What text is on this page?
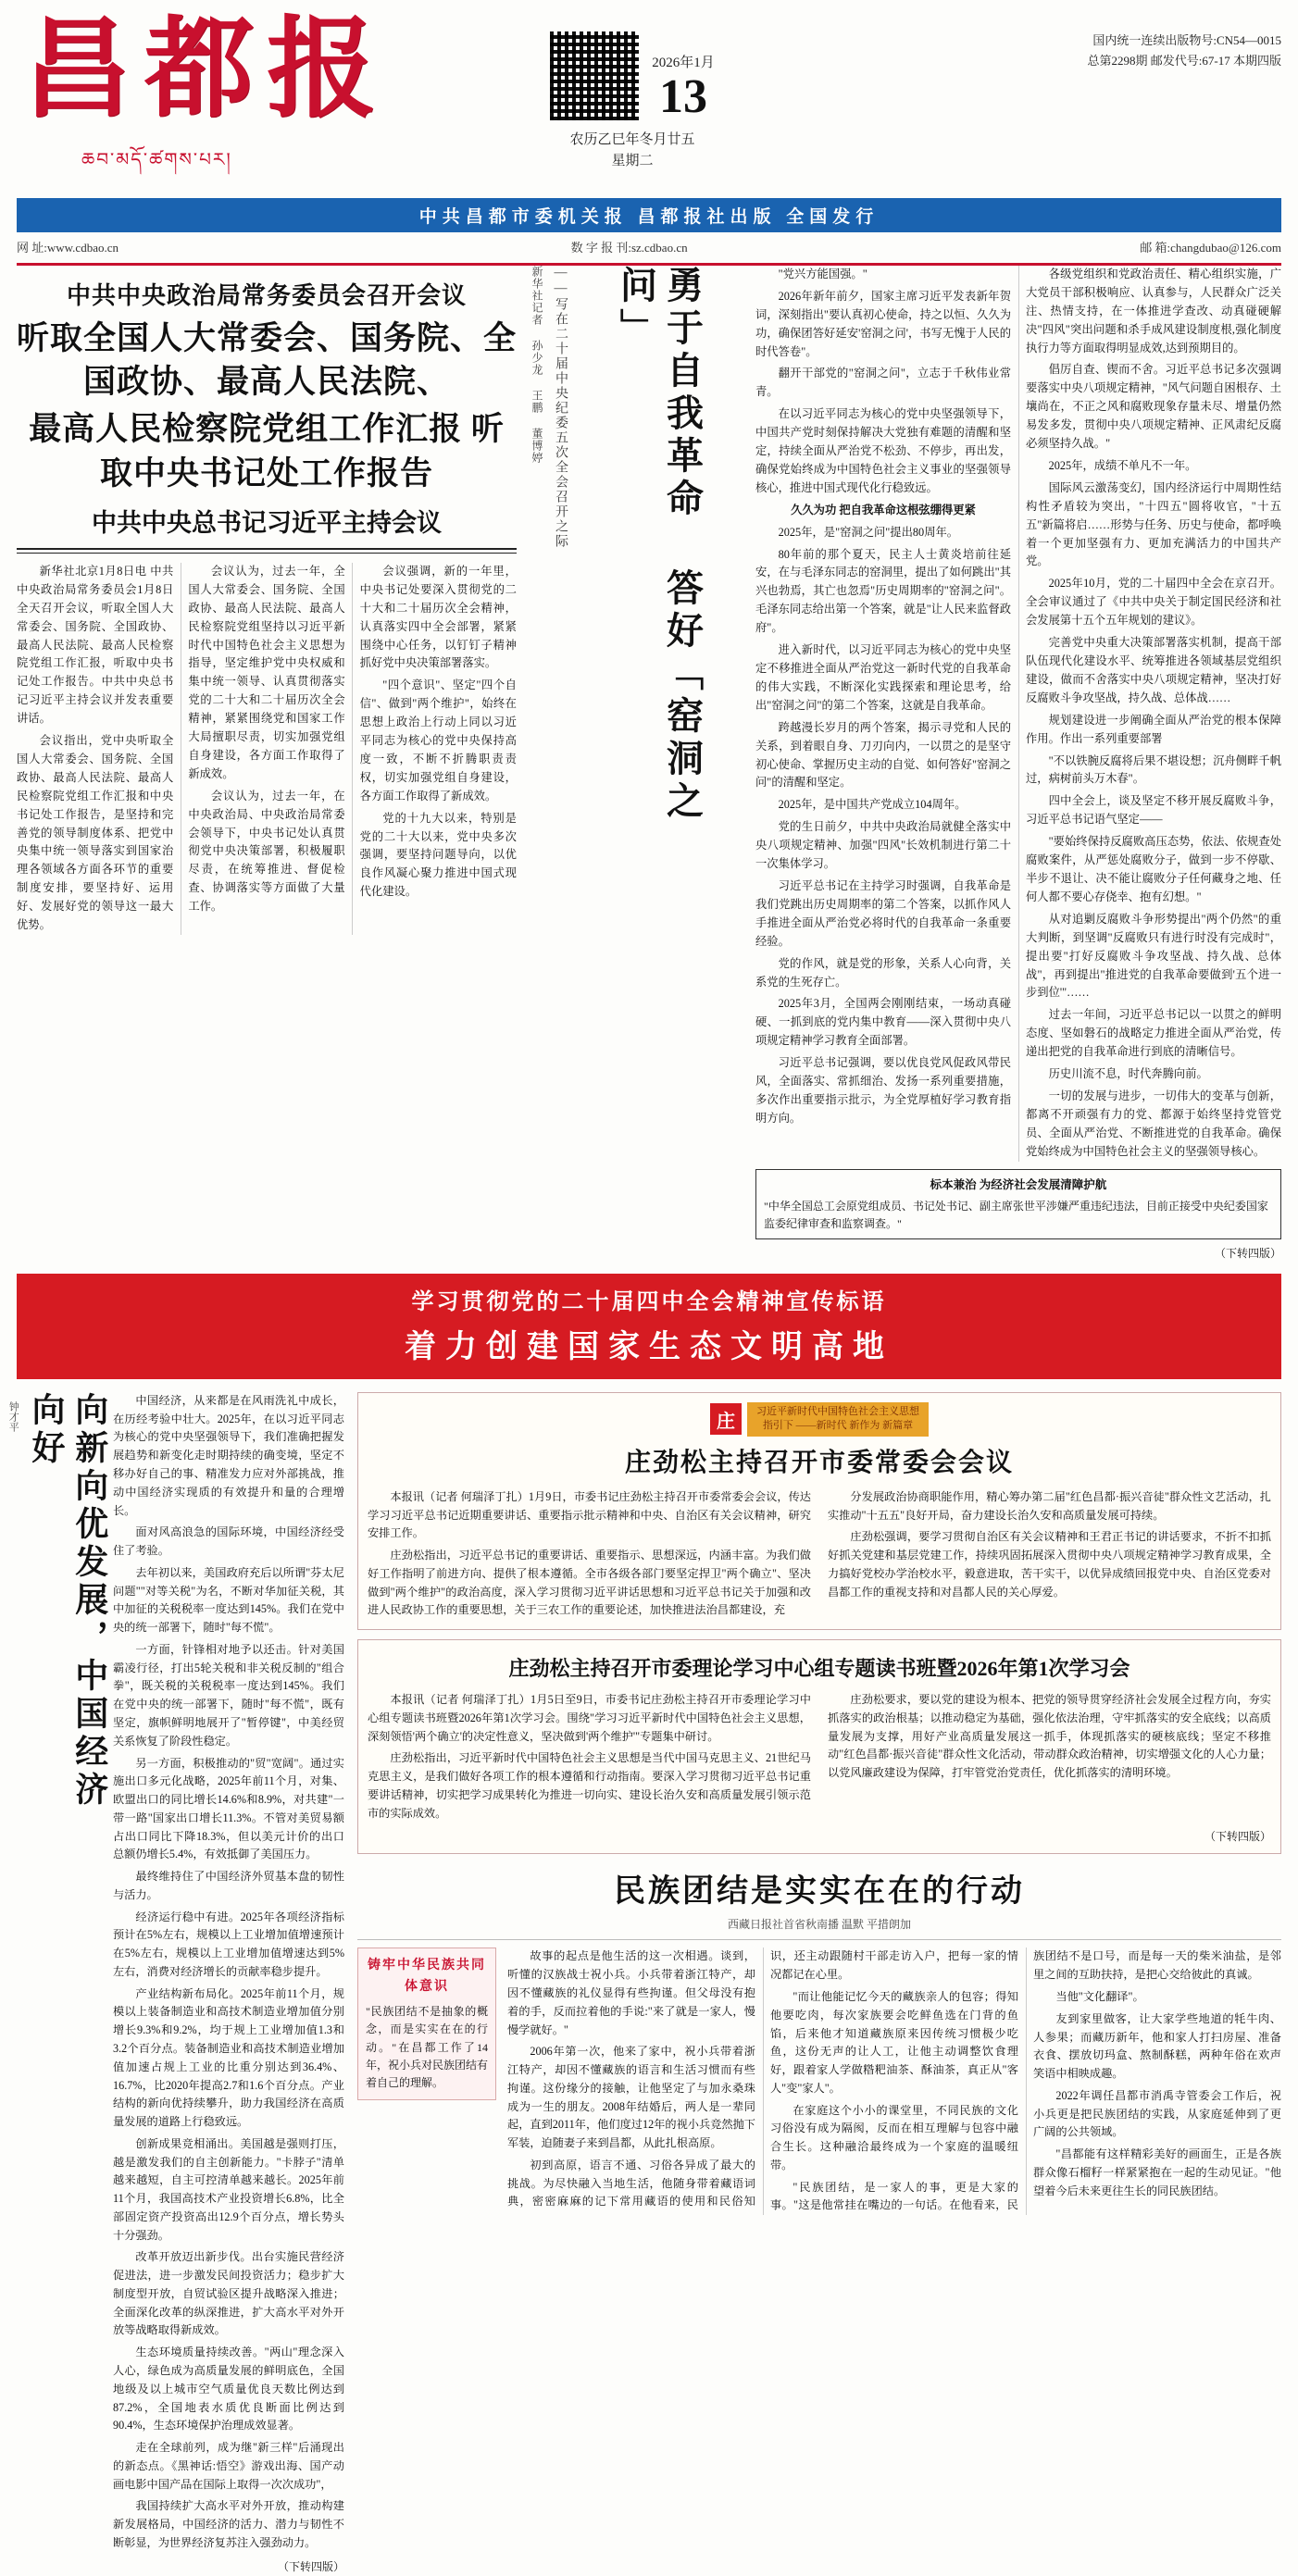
昌都报
ཆབ་མདོ་ཚགས་པར།
2026年1月
13
农历乙巳年冬月廿五
星期二
国内统一连续出版物号:CN54—0015
总第2298期 邮发代号:67-17 本期四版
中共昌都市委机关报 昌都报社出版 全国发行
网 址:www.cdbao.cn	数 字 报 刊:sz.cdbao.cn	邮 箱:changdubao@126.com
中共中央政治局常务委员会召开会议
听取全国人大常委会、国务院、全国政协、最高人民法院、
最高人民检察院党组工作汇报 听取中央书记处工作报告
中共中央总书记习近平主持会议

新华社北京1月8日电 中共中央政治局常务委员会1月8日全天召开会议，听取全国人大常委会、国务院、全国政协、最高人民法院、最高人民检察院党组工作汇报，听取中央书记处工作报告。中共中央总书记习近平主持会议并发表重要讲话。

会议指出，党中央听取全国人大常委会、国务院、全国政协、最高人民法院、最高人民检察院党组工作汇报和中央书记处工作报告，是坚持和完善党的领导制度体系、把党中央集中统一领导落实到国家治理各领域各方面各环节的重要制度安排，要坚持好、运用好、发展好党的领导这一最大优势。

会议认为，过去一年，全国人大常委会、国务院、全国政协、最高人民法院、最高人民检察院党组坚持以习近平新时代中国特色社会主义思想为指导，坚定维护党中央权威和集中统一领导、认真贯彻落实党的二十大和二十届历次全会精神，紧紧围绕党和国家工作大局擅职尽责，切实加强党组自身建设，各方面工作取得了新成效。

会议认为，过去一年，在中央政治局、中央政治局常委会领导下，中央书记处认真贯彻党中央决策部署，积极履职尽责，在统筹推进、督促检查、协调落实等方面做了大量工作。

会议强调，新的一年里，中央书记处要深入贯彻党的二十大和二十届历次全会精神，认真落实四中全会部署，紧紧围绕中心任务，以钉钉子精神抓好党中央决策部署落实。

"四个意识"、坚定"四个自信"、做到"两个维护"，始终在思想上政治上行动上同以习近平同志为核心的党中央保持高度一致，不断不折腾职责责权，切实加强党组自身建设，各方面工作取得了新成效。

党的十九大以来，特别是党的二十大以来，党中央多次强调，要坚持问题导向，以优良作风凝心聚力推进中国式现代化建设。

新华社记者 孙少龙 王鹏 董博婷 ——写在二十届中央纪委五次全会召开之际	勇于自我革命 答好「窑洞之问」	"党兴方能国强。"

2026年新年前夕，国家主席习近平发表新年贺词，深刻指出"要认真初心使命，持之以恒、久久为功，确保团答好延安'窑洞之问'，书写无愧于人民的时代答卷"。

翻开干部党的"窑洞之问"，立志于千秋伟业常青。

在以习近平同志为核心的党中央坚强领导下，中国共产党时刻保持解决大党独有难题的清醒和坚定，持续全面从严治党不松劲、不停步，再出发，确保党始终成为中国特色社会主义事业的坚强领导核心，推进中国式现代化行稳致远。

久久为功 把自我革命这根弦绷得更紧

2025年，是"窑洞之问"提出80周年。

80年前的那个夏天，民主人士黄炎培前往延安，在与毛泽东同志的窑洞里，提出了如何跳出"其兴也勃焉，其亡也忽焉"历史周期率的"窑洞之问"。毛泽东同志给出第一个答案，就是"让人民来监督政府"。

进入新时代，以习近平同志为核心的党中央坚定不移推进全面从严治党这一新时代党的自我革命的伟大实践，不断深化实践探索和理论思考，给出"窑洞之问"的第二个答案，这就是自我革命。

跨越漫长岁月的两个答案，揭示寻党和人民的关系，到着眼自身、刀刃向内，一以贯之的是坚守初心使命、掌握历史主动的自觉、如何答好"窑洞之问"的清醒和坚定。

2025年，是中国共产党成立104周年。

党的生日前夕，中共中央政治局就健全落实中央八项规定精神、加强"四风"长效机制进行第二十一次集体学习。

习近平总书记在主持学习时强调，自我革命是我们党跳出历史周期率的第二个答案，以抓作风人手推进全面从严治党必将时代的自我革命一条重要经验。

党的作风，就是党的形象，关系人心向背，关系党的生死存亡。

2025年3月，全国两会刚刚结束，一场动真碰硬、一抓到底的党内集中教育——深入贯彻中央八项规定精神学习教育全面部署。

习近平总书记强调，要以优良党风促政风带民风，全面落实、常抓细治、发扬一系列重要措施，多次作出重要指示批示，为全党厚植好学习教育指明方向。

各级党组织和党政治责任、精心组织实施，广大党员干部积极响应、认真参与，人民群众广泛关注、热情支持，在一体推进学查改、动真碰硬解决"四风"突出问题和杀手成风建设制度根,强化制度执行力等方面取得明显成效,达到预期目的。

倡厉自查、锲而不舍。习近平总书记多次强调要落实中央八项规定精神，"风气问题自困根存、土壤尚在，不正之风和腐败现象存量未尽、增量仍然易发多发，贯彻中央八项规定精神、正风肃纪反腐必须坚持久战。"

2025年，成绩不单凡不一年。

国际风云激荡变幻，国内经济运行中周期性结构性矛盾较为突出，"十四五"圆将收官，"十五五"新篇将启……形势与任务、历史与使命，都呼唤着一个更加坚强有力、更加充满活力的中国共产党。

2025年10月，党的二十届四中全会在京召开。全会审议通过了《中共中央关于制定国民经济和社会发展第十五个五年规划的建议》。

完善党中央重大决策部署落实机制，提高干部队伍现代化建设水平、统筹推进各领域基层党组织建设，做而不舍落实中央八项规定精神，坚决打好反腐败斗争攻坚战，持久战、总体战……

规划建设进一步阐确全面从严治党的根本保障作用。作出一系列重要部署

"不以铁腕反腐将后果不堪设想；沉舟侧畔千帆过，病树前头万木春"。

四中全会上，谈及坚定不移开展反腐败斗争，习近平总书记语气坚定——

"要始终保持反腐败高压态势，依法、依规查处腐败案件，从严惩处腐败分子，做到一步不停歇、半步不退让、决不能让腐败分子任何藏身之地、任何人都不要心存侥幸、抱有幻想。"

从对追剿反腐败斗争形势提出"两个仍然"的重大判断，到坚调"反腐败只有进行时没有完成时"，提出要"打好反腐败斗争攻坚战、持久战、总体战"，再到提出"推进党的自我革命要做到'五个进一步到位'"……

过去一年间，习近平总书记以一以贯之的鲜明态度、坚如磐石的战略定力推进全面从严治党，传递出把党的自我革命进行到底的清晰信号。

历史川流不息，时代奔腾向前。

一切的发展与进步，一切伟大的变革与创新，都离不开顽强有力的党、都源于始终坚持党管党员、全面从严治党、不断推进党的自我革命。确保党始终成为中国特色社会主义的坚强领导核心。

标本兼治 为经济社会发展清障护航
"中华全国总工会原党组成员、书记处书记、副主席张世平涉嫌严重违纪违法，目前正接受中央纪委国家监委纪律审查和监察调查。"
（下转四版）
学习贯彻党的二十届四中全会精神宣传标语
着力创建国家生态文明高地
钟才平	向新向优发展，中国经济向好	中国经济，从来都是在风雨洗礼中成长，在历经考验中壮大。2025年，在以习近平同志为核心的党中央坚强领导下，我们准确把握发展趋势和新变化走时期持续的确变境，坚定不移办好自己的事、精准发力应对外部挑战，推动中国经济实现质的有效提升和量的合理增长。

面对风高浪急的国际环境，中国经济经受住了考验。

去年初以来，美国政府充后以所谓"芬太尼问题""对等关税"为名，不断对华加征关税，其中加征的关税税率一度达到145%。我们在党中央的统一部署下，随时"每不慌"。

一方面，针锋相对地予以还击。针对美国霸凌行径，打出5轮关税和非关税反制的"组合拳"，既关税的关税税率一度达到145%。我们在党中央的统一部署下，随时"每不慌"，既有坚定，旗帜鲜明地展开了"暂停键"，中美经贸关系恢复了阶段性稳定。

另一方面，积极推动的"贸"宽阔"。通过实施出口多元化战略，2025年前11个月，对集、欧盟出口的同比增长14.6%和8.9%，对共建"一带一路"国家出口增长11.3%。不管对美贸易额占出口同比下降18.3%，但以美元计价的出口总额仍增长5.4%，有效抵御了美国压力。

最终维持住了中国经济外贸基本盘的韧性与活力。

经济运行稳中有进。2025年各项经济指标预计在5%左右，规模以上工业增加值增速预计在5%左右，规模以上工业增加值增速达到5%左右，消费对经济增长的贡献率稳步提升。

产业结构新布局化。2025年前11个月，规模以上装备制造业和高技术制造业增加值分别增长9.3%和9.2%，均于规上工业增加值1.3和3.2个百分点。装备制造业和高技术制造业增加值加速占规上工业的比重分别达到36.4%、16.7%，比2020年提高2.7和1.6个百分点。产业结构的新向优持续攀升，助力我国经济在高质量发展的道路上行稳致远。

创新成果竞相涌出。美国越是强则打压，越是激发我们的自主创新能力。"卡脖子"清单越来越短，自主可控清单越来越长。2025年前11个月，我国高技术产业投资增长6.8%，比全部固定资产投资高出12.9个百分点，增长势头十分强劲。

改革开放迈出新步伐。出台实施民营经济促进法，进一步激发民间投资活力；稳步扩大制度型开放，自贸试验区提升战略深入推进；全面深化改革的纵深推进，扩大高水平对外开放等战略取得新成效。

生态环境质量持续改善。"两山"理念深入人心，绿色成为高质量发展的鲜明底色，全国地级及以上城市空气质量优良天数比例达到87.2%，全国地表水质优良断面比例达到90.4%，生态环境保护治理成效显著。

走在全球前列，成为继"新三样"后涌现出的新态点。《黑神话:悟空》游戏出海、国产动画电影中国产品在国际上取得一次次成功"，

我国持续扩大高水平对外开放，推动构建新发展格局，中国经济的活力、潜力与韧性不断彰显，为世界经济复苏注入强劲动力。

（下转四版）
庄	习近平新时代中国特色社会主义思想
指引下 ——新时代 新作为 新篇章
庄劲松主持召开市委常委会会议

本报讯（记者 何瑞泽丁扎）1月9日，市委书记庄劲松主持召开市委常委会会议，传达学习习近平总书记近期重要讲话、重要指示批示精神和中央、自治区有关会议精神，研究安排工作。

庄劲松指出，习近平总书记的重要讲话、重要指示、思想深远，内涵丰富。为我们做好工作指明了前进方向、提供了根本遵循。全市各级各部门要坚定捍卫"两个确立"、坚决做到"两个维护"的政治高度，深入学习贯彻习近平讲话思想和习近平总书记关于加强和改进人民政协工作的重要思想，关于三农工作的重要论述，加快推进法治昌都建设，充

分发展政治协商职能作用，精心筹办第二届"红色昌都·振兴音徒"群众性文艺活动，扎实推动"十五五"良好开局，奋力建设长治久安和高质量发展可持续。

庄劲松强调，要学习贯彻自治区有关会议精神和王君正书记的讲话要求，不折不扣抓好抓关党建和基层党建工作，持续巩固拓展深入贯彻中央八项规定精神学习教育成果，全力搞好党校办学治校水平，毅意进取，苦干实干，以优异成绩回报党中央、自治区党委对昌都工作的重视支持和对昌都人民的关心厚爱。

庄劲松主持召开市委理论学习中心组专题读书班暨2026年第1次学习会

本报讯（记者 何瑞泽丁扎）1月5日至9日，市委书记庄劲松主持召开市委理论学习中心组专题读书班暨2026年第1次学习会。围绕"学习习近平新时代中国特色社会主义思想，深刻领悟'两个确立'的决定性意义，坚决做到'两个维护'"专题集中研讨。

庄劲松指出，习近平新时代中国特色社会主义思想是当代中国马克思主义、21世纪马克思主义，是我们做好各项工作的根本遵循和行动指南。要深入学习贯彻习近平总书记重要讲话精神，切实把学习成果转化为推进一切向实、建设长治久安和高质量发展引领示范市的实际成效。

庄劲松要求，要以党的建设为根本、把党的领导贯穿经济社会发展全过程方向，夯实抓落实的政治根基；以推动稳定为基础，强化依法治理，守牢抓落实的安全底线；以高质量发展为支撑，用好产业高质量发展这一抓手，体现抓落实的硬核底线；坚定不移推动"红色昌都·振兴音徒"群众性文化活动，带动群众政治精神，切实增强文化的人心力量；以党风廉政建设为保障，打牢管党治党责任，优化抓落实的清明环境。

（下转四版）
民族团结是实实在在的行动
西藏日报社首省秋南播 温默 平措朗加
铸牢中华民族共同体意识
"民族团结不是抽象的概念，而是实实在在的行动。"在昌都工作了14年，祝小兵对民族团结有着自己的理解。

故事的起点是他生活的这一次相遇。谈到，听懂的汉族战士祝小兵。小兵带着浙江特产，却因不懂藏族的礼仪显得有些拘谨。但父母没有抱着的手，反而拉着他的手说:"来了就是一家人，慢慢学就好。"

2006年第一次，他来了家中，祝小兵带着浙江特产，却因不懂藏族的语言和生活习惯而有些拘谨。这份缘分的接触，让他坚定了与加永桑珠成为一生的朋友。2008年结婚后，两人是一辈同起，直到2011年，他们度过12年的视小兵竞然抛下军装，迫随妻子来到昌都，从此扎根高原。

初到高原，语言不通、习俗各异成了最大的挑战。为尽快融入当地生活，他随身带着藏语词典，密密麻麻的记下常用藏语的使用和民俗知识，还主动跟随村干部走访入户，把每一家的情况都记在心里。

"而让他能记忆今天的藏族亲人的包容；得知他要吃肉，每次家族要会吃鲜鱼选在门背的鱼馅，后来他才知道藏族原来因传统习惯极少吃鱼，这份无声的让人工，让他主动调整饮食理好，跟着家人学做糌粑油茶、酥油茶，真正从"客人"变"家人"。

在家庭这个小小的课堂里，不同民族的文化习俗没有成为隔阂，反而在相互理解与包容中融合生长。这种融洽最终成为一个家庭的温暖纽带。

"民族团结，是一家人的事，更是大家的事。"这是他常挂在嘴边的一句话。在他看来，民族团结不是口号，而是每一天的柴米油盐，是邻里之间的互助扶持，是把心交给彼此的真诚。

当他"文化翻译"。

友到家里做客，让大家学些地道的牦牛肉、人参果；而藏历新年，他和家人打扫房屋、准备衣食、摆放切玛盒、熬制酥糕，两种年俗在欢声笑语中相映成趣。

2022年调任昌都市消禹寺管委会工作后，祝小兵更是把民族团结的实践，从家庭延伸到了更广阔的公共领域。

"昌都能有这样精彩美好的画面生，正是各族群众像石榴籽一样紧紧抱在一起的生动见证。"他望着今后未来更往生长的同民族团结。
